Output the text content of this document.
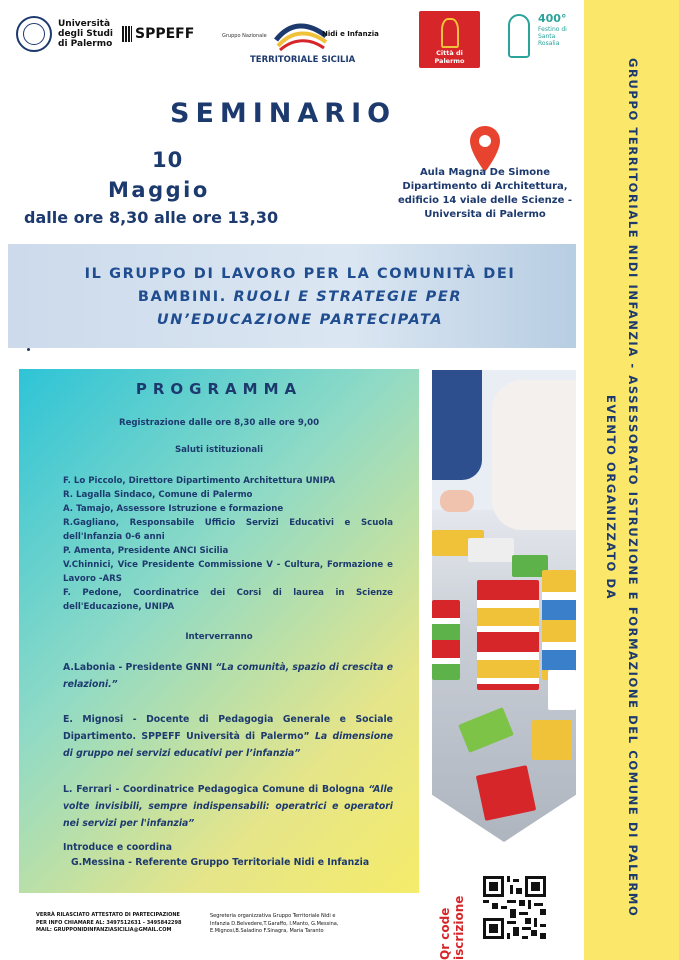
Università degli Studi di Palermo
SPPEFF	Gruppo Nazionale	Nidi e Infanzia
TERRITORIALE SICILIA
Città di Palermo
400°
Festino di Santa Rosalia
GRUPPO TERRITORIALE NIDI INFANZIA - ASSESSORATO ISTRUZIONE E FORMAZIONE DEL COMUNE DI PALERMO
EVENTO ORGANIZZATO DA
SEMINARIO
10
Maggio
dalle ore 8,30 alle ore 13,30
Aula Magna De Simone
Dipartimento di Architettura,
edificio 14 viale delle Scienze -
Universita di Palermo
IL GRUPPO DI LAVORO PER LA COMUNITÀ DEI
BAMBINI. RUOLI E STRATEGIE PER
UN’EDUCAZIONE PARTECIPATA
PROGRAMMA
Registrazione dalle ore 8,30 alle ore 9,00
Saluti istituzionali
F. Lo Piccolo, Direttore Dipartimento Architettura UNIPA
R. Lagalla Sindaco, Comune di Palermo
A. Tamajo, Assessore Istruzione e formazione
R.Gagliano, Responsabile Ufficio Servizi Educativi e Scuola dell'Infanzia 0-6 anni
P. Amenta, Presidente ANCI Sicilia
V.Chinnici, Vice Presidente Commissione V - Cultura, Formazione e Lavoro -ARS
F. Pedone, Coordinatrice dei Corsi di laurea in Scienze dell'Educazione, UNIPA
Interverranno
A.Labonia - Presidente GNNI “La comunità, spazio di crescita e relazioni.”
E. Mignosi - Docente di Pedagogia Generale e Sociale Dipartimento. SPPEFF Università di Palermo” La dimensione di gruppo nei servizi educativi per l’infanzia”
L. Ferrari - Coordinatrice Pedagogica Comune di Bologna “Alle volte invisibili, sempre indispensabili: operatrici e operatori nei servizi per l'infanzia”
Introduce e coordina
G.Messina - Referente Gruppo Territoriale Nidi e Infanzia
Qr code iscrizione
VERRÀ RILASCIATO ATTESTATO DI PARTECIPAZIONE
PER INFO CHIAMARE AL: 3497512631 - 3495842298
MAIL: GRUPPONIDINFANZIASICILIA@GMAIL.COM
Segreteria organizzativa Gruppo Territoriale Nidi e
Infanzia D.Belvedere,T.Garaffo, I.Manto, G.Messina,
E.Mignosi,B.Saladino F.Sinagra, Maria Taranto
